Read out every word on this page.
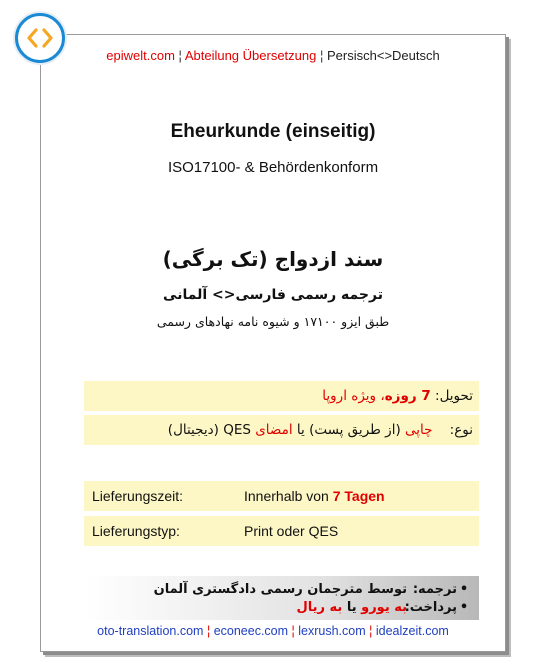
epiwelt.com ¦ Abteilung Übersetzung ¦ Persisch<>Deutsch
Eheurkunde (einseitig)
ISO17100- & Behördenkonform
سند ازدواج (تک برگی)
ترجمه رسمی فارسی<> آلمانی
طبق ایزو ۱۷۱۰۰ و شیوه نامه نهادهای رسمی
تحویل:

7 روزه
، ویژه اروپا
نوع:

چاپی

(از طریق پست)

یا

امضای

QES

(دیجیتال)
Lieferungszeit:	Innerhalb von
7 Tagen
Lieferungstyp:	Print oder QES
•
ترجمه:
توسط مترجمان رسمی دادگستری آلمان
•
پرداخت:
به یورو

یا

به ریال
oto-translation.com ¦ econeec.com ¦ lexrush.com ¦ idealzeit.com
